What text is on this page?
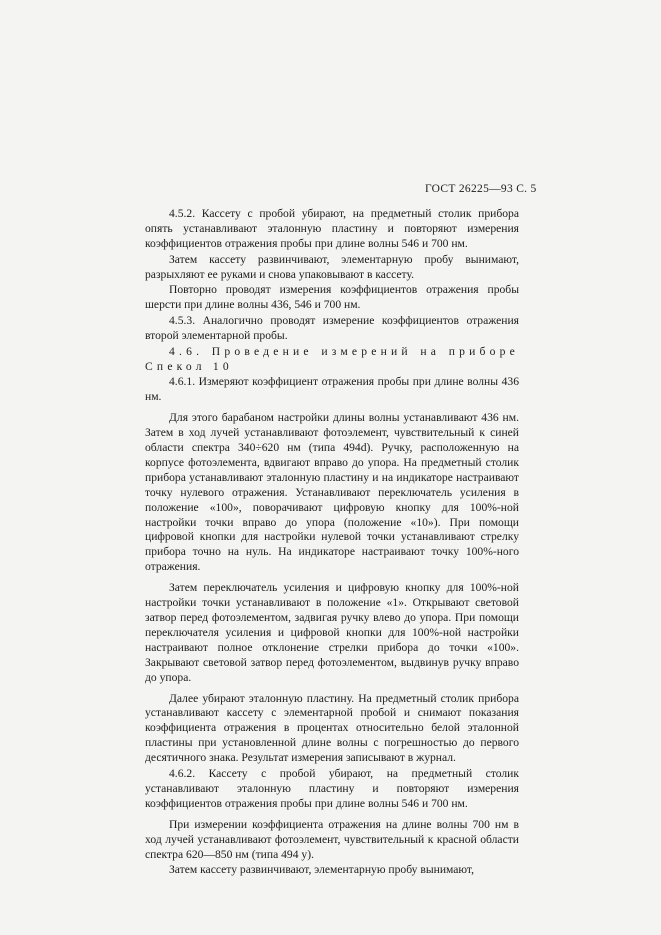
ГОСТ 26225—93 С. 5

4.5.2. Кассету с пробой убирают, на предметный столик прибора опять устанавливают эталонную пластину и повторяют измерения коэффициентов отражения пробы при длине волны 546 и 700 нм.

Затем кассету развинчивают, элементарную пробу вынимают, разрыхляют ее руками и снова упаковывают в кассету.

Повторно проводят измерения коэффициентов отражения пробы шерсти при длине волны 436, 546 и 700 нм.

4.5.3. Аналогично проводят измерение коэффициентов отражения второй элементарной пробы.

4.6. Проведение измерений на приборе Спекол 10

4.6.1. Измеряют коэффициент отражения пробы при длине волны 436 нм.

Для этого барабаном настройки длины волны устанавливают 436 нм. Затем в ход лучей устанавливают фотоэлемент, чувствительный к синей области спектра 340÷620 нм (типа 494d). Ручку, расположенную на корпусе фотоэлемента, вдвигают вправо до упора. На предметный столик прибора устанавливают эталонную пластину и на индикаторе настраивают точку нулевого отражения. Устанавливают переключатель усиления в положение «100», поворачивают цифровую кнопку для 100%-ной настройки точки вправо до упора (положение «10»). При помощи цифровой кнопки для настройки нулевой точки устанавливают стрелку прибора точно на нуль. На индикаторе настраивают точку 100%-ного отражения.

Затем переключатель усиления и цифровую кнопку для 100%-ной настройки точки устанавливают в положение «1». Открывают световой затвор перед фотоэлементом, задвигая ручку влево до упора. При помощи переключателя усиления и цифровой кнопки для 100%-ной настройки настраивают полное отклонение стрелки прибора до точки «100». Закрывают световой затвор перед фотоэлементом, выдвинув ручку вправо до упора.

Далее убирают эталонную пластину. На предметный столик прибора устанавливают кассету с элементарной пробой и снимают показания коэффициента отражения в процентах относительно белой эталонной пластины при установленной длине волны с погрешностью до первого десятичного знака. Результат измерения записывают в журнал.

4.6.2. Кассету с пробой убирают, на предметный столик устанавливают эталонную пластину и повторяют измерения коэффициентов отражения пробы при длине волны 546 и 700 нм.

При измерении коэффициента отражения на длине волны 700 нм в ход лучей устанавливают фотоэлемент, чувствительный к красной области спектра 620—850 нм (типа 494 у).

Затем кассету развинчивают, элементарную пробу вынимают,
